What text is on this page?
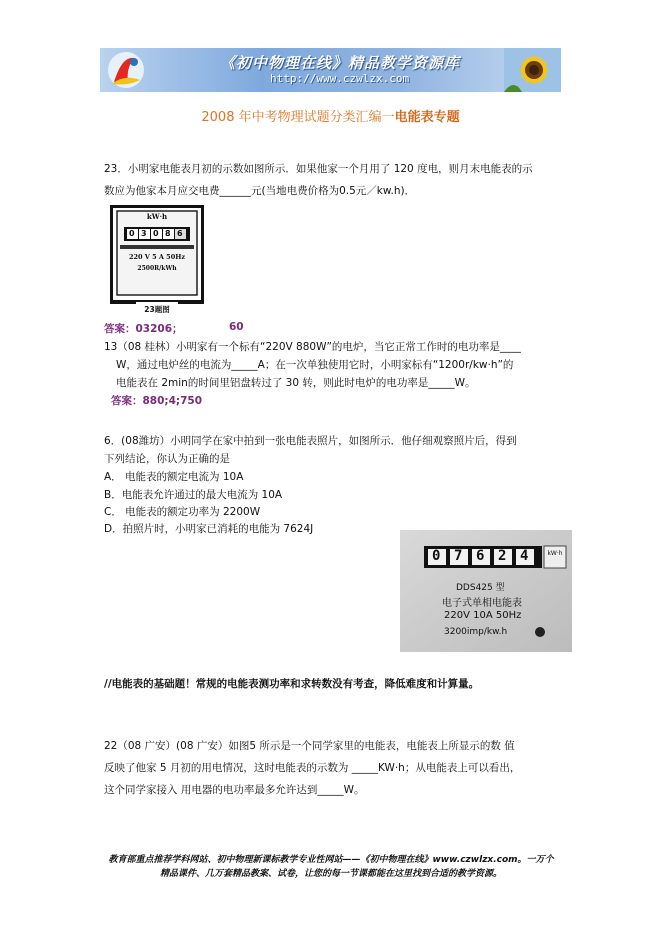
《初中物理在线》精品教学资源库
http://www.czwlzx.com
2008 年中考物理试题分类汇编一电能表专题
23．小明家电能表月初的示数如图所示．如果他家一个月用了 120 度电，则月末电能表的示
数应为他家本月应交电费______元(当地电费价格为0.5元／kw.h)．
kW·h
0 3 0 8 6
220 V 5 A 50Hz
2500R/kWh
23题图
答案：03206；	60
13（08 桂林）小明家有一个标有“220V 880W”的电炉，当它正常工作时的电功率是____
W，通过电炉丝的电流为_____A；在一次单独使用它时，小明家标有“1200r/kw·h”的
电能表在 2min的时间里铝盘转过了 30 转，则此时电炉的电功率是_____W。
答案：880;4;750
6．(08潍坊）小明同学在家中拍到一张电能表照片，如图所示．他仔细观察照片后，得到
下列结论，你认为正确的是
A． 电能表的额定电流为 10A
B．电能表允许通过的最大电流为 10A
C． 电能表的额定功率为 2200W
D．拍照片时，小明家已消耗的电能为 7624J
0 7 6 2 4	kW·h
DDS425 型
电子式单相电能表
220V 10A 50Hz
3200imp/kw.h
//电能表的基础题！常规的电能表测功率和求转数没有考查，降低难度和计算量。
22（08 广安）(08 广安）如图5 所示是一个同学家里的电能表，电能表上所显示的数 值
反映了他家 5 月初的用电情况，这时电能表的示数为 _____KW·h；从电能表上可以看出，
这个同学家接入 用电器的电功率最多允许达到_____W。
教育部重点推荐学科网站、初中物理新课标教学专业性网站——《初中物理在线》www.czwlzx.com。一万个
精品课件、几万套精品教案、试卷，让您的每一节课都能在这里找到合适的教学资源。
